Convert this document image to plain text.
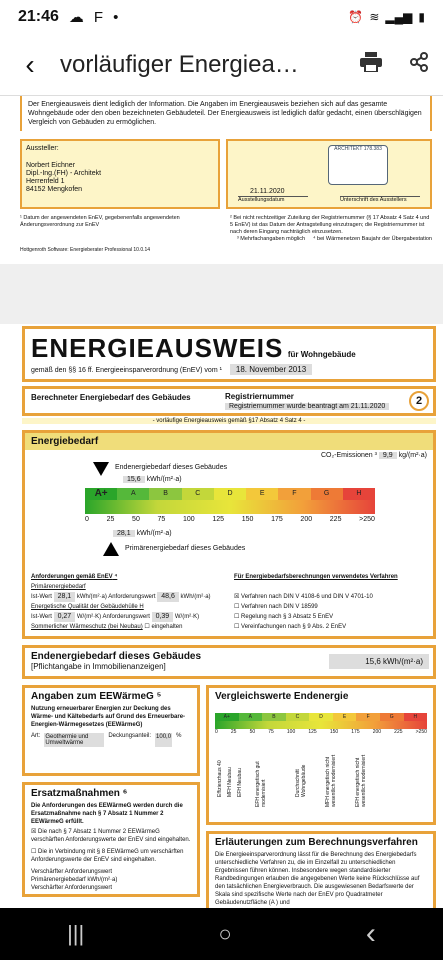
21:46 ☁ F •	⏰ ≋ ▂▄▆ ▮
‹	vorläufiger Energiea…
Der Energieausweis dient lediglich der Information. Die Angaben im Energieausweis beziehen sich auf das gesamte Wohngebäude oder den oben bezeichneten Gebäudeteil. Der Energieausweis ist lediglich dafür gedacht, einen überschlägigen Vergleich von Gebäuden zu ermöglichen.
Aussteller:
Norbert Eichner
Dipl.-Ing.(FH) - Architekt
Herrenfeld 1
84152 Mengkofen
ARCHITEKT 178.383
21.11.2020
Ausstellungsdatum	Unterschrift des Ausstellers
¹ Datum der angewendeten EnEV, gegebenenfalls angewendeten Änderungsverordnung zur EnEV
² Bei nicht rechtzeitiger Zuteilung der Registriernummer (§ 17 Absatz 4 Satz 4 und 5 EnEV) ist das Datum der Antragstellung einzutragen; die Registriernummer ist nach deren Eingang nachträglich einzusetzen.
³ Mehrfachangaben möglich ⁴ bei Wärmenetzen Baujahr der Übergabestation
Hottgenroth Software: Energieberater Professional 10.0.14
ENERGIEAUSWEIS für Wohngebäude
gemäß den §§ 16 ff. Energieeinsparverordnung (EnEV) vom ¹ 18. November 2013
Berechneter Energiebedarf des Gebäudes	Registriernummer
Registriernummer wurde beantragt am 21.11.2020	2
- vorläufige Energieausweis gemäß §17 Absatz 4 Satz 4 -
Energiebedarf
CO₂-Emissionen ³ 9,9 kg/(m²·a)
Endenergiebedarf dieses Gebäudes
15,6 kWh/(m²·a)
A+	A	B	C	D	E	F	G	H
0	25	50	75	100	125	150	175	200	225	>250
28,1 kWh/(m²·a)
Primärenergiebedarf dieses Gebäudes
Anforderungen gemäß EnEV ⁴
Primärenergiebedarf
Ist-Wert 28,1 kWh/(m²·a) Anforderungswert 48,6 kWh/(m²·a)
Energetische Qualität der Gebäudehülle H
Ist-Wert 0,27 W/(m²·K) Anforderungswert 0,39 W/(m²·K)
Sommerlicher Wärmeschutz (bei Neubau) ☐ eingehalten
Für Energiebedarfsberechnungen verwendetes Verfahren
☒ Verfahren nach DIN V 4108-6 und DIN V 4701-10
☐ Verfahren nach DIN V 18599
☐ Regelung nach § 3 Absatz 5 EnEV
☐ Vereinfachungen nach § 9 Abs. 2 EnEV
Endenergiebedarf dieses Gebäudes
[Pflichtangabe in Immobilienanzeigen]
15,6 kWh/(m²·a)
Angaben zum EEWärmeG ⁵
Nutzung erneuerbarer Energien zur Deckung des Wärme- und Kältebedarfs auf Grund des Erneuerbare-Energien-Wärmegesetzes (EEWärmeG)
Art: Geothermie und Umweltwärme
Deckungsanteil: 100,0 %
Ersatzmaßnahmen ⁶
Die Anforderungen des EEWärmeG werden durch die Ersatzmaßnahme nach § 7 Absatz 1 Nummer 2 EEWärmeG erfüllt.
☒ Die nach § 7 Absatz 1 Nummer 2 EEWärmeG verschärften Anforderungswerte der EnEV sind eingehalten.
☐ Die in Verbindung mit § 8 EEWärmeG um verschärften Anforderungswerte der EnEV sind eingehalten.
Verschärfter Anforderungswert
Primärenergiebedarf kWh/(m²·a)
Verschärfter Anforderungswert
Vergleichswerte Endenergie
A+	A	B	C	D	E	F	G	H
0	25	50	75	100	125	150	175	200	225	>250
Effizienzhaus 40 MFH Neubau EFH Neubau EFH energetisch gut modernisiert	Durchschnitt Wohngebäude	MFH energetisch nicht wesentlich modernisiert	EFH energetisch nicht wesentlich modernisiert
Erläuterungen zum Berechnungsverfahren
Die Energieeinsparverordnung lässt für die Berechnung des Energiebedarfs unterschiedliche Verfahren zu, die im Einzelfall zu unterschiedlichen Ergebnissen führen können. Insbesondere wegen standardisierter Randbedingungen erlauben die angegebenen Werte keine Rückschlüsse auf den tatsächlichen Energieverbrauch. Die ausgewiesenen Bedarfswerte der Skala sind spezifische Werte nach der EnEV pro Quadratmeter Gebäudenutzfläche (A ) und
|||	○	‹
